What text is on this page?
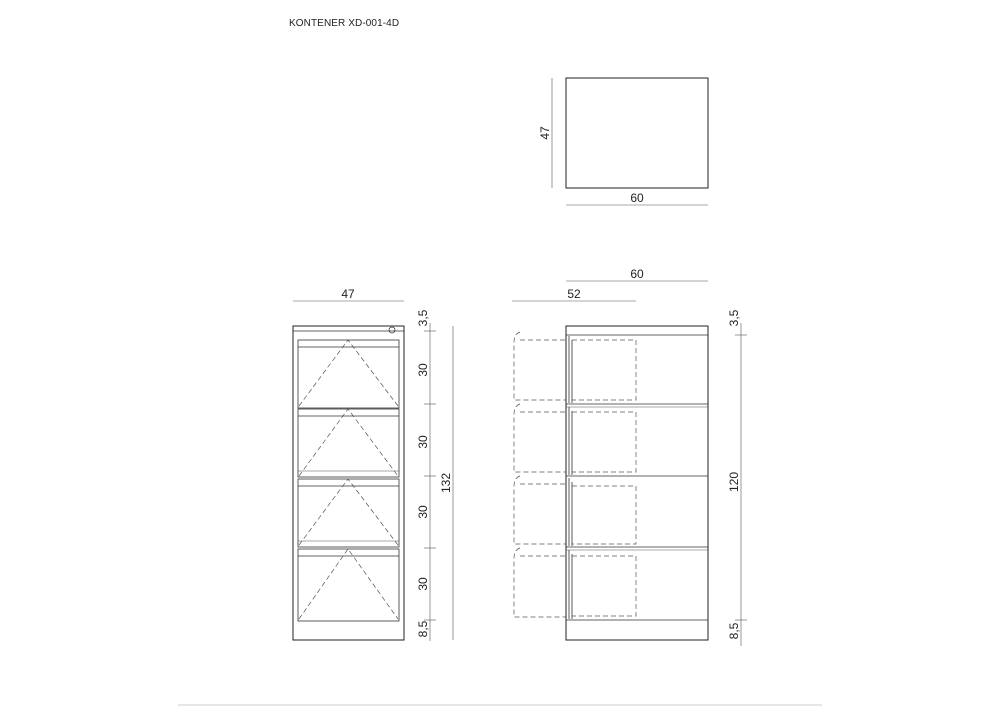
KONTENER XD-001-4D
47
60
47
3,5
30
30
30
30
8,5
132
60
52
3,5
120
8,5
